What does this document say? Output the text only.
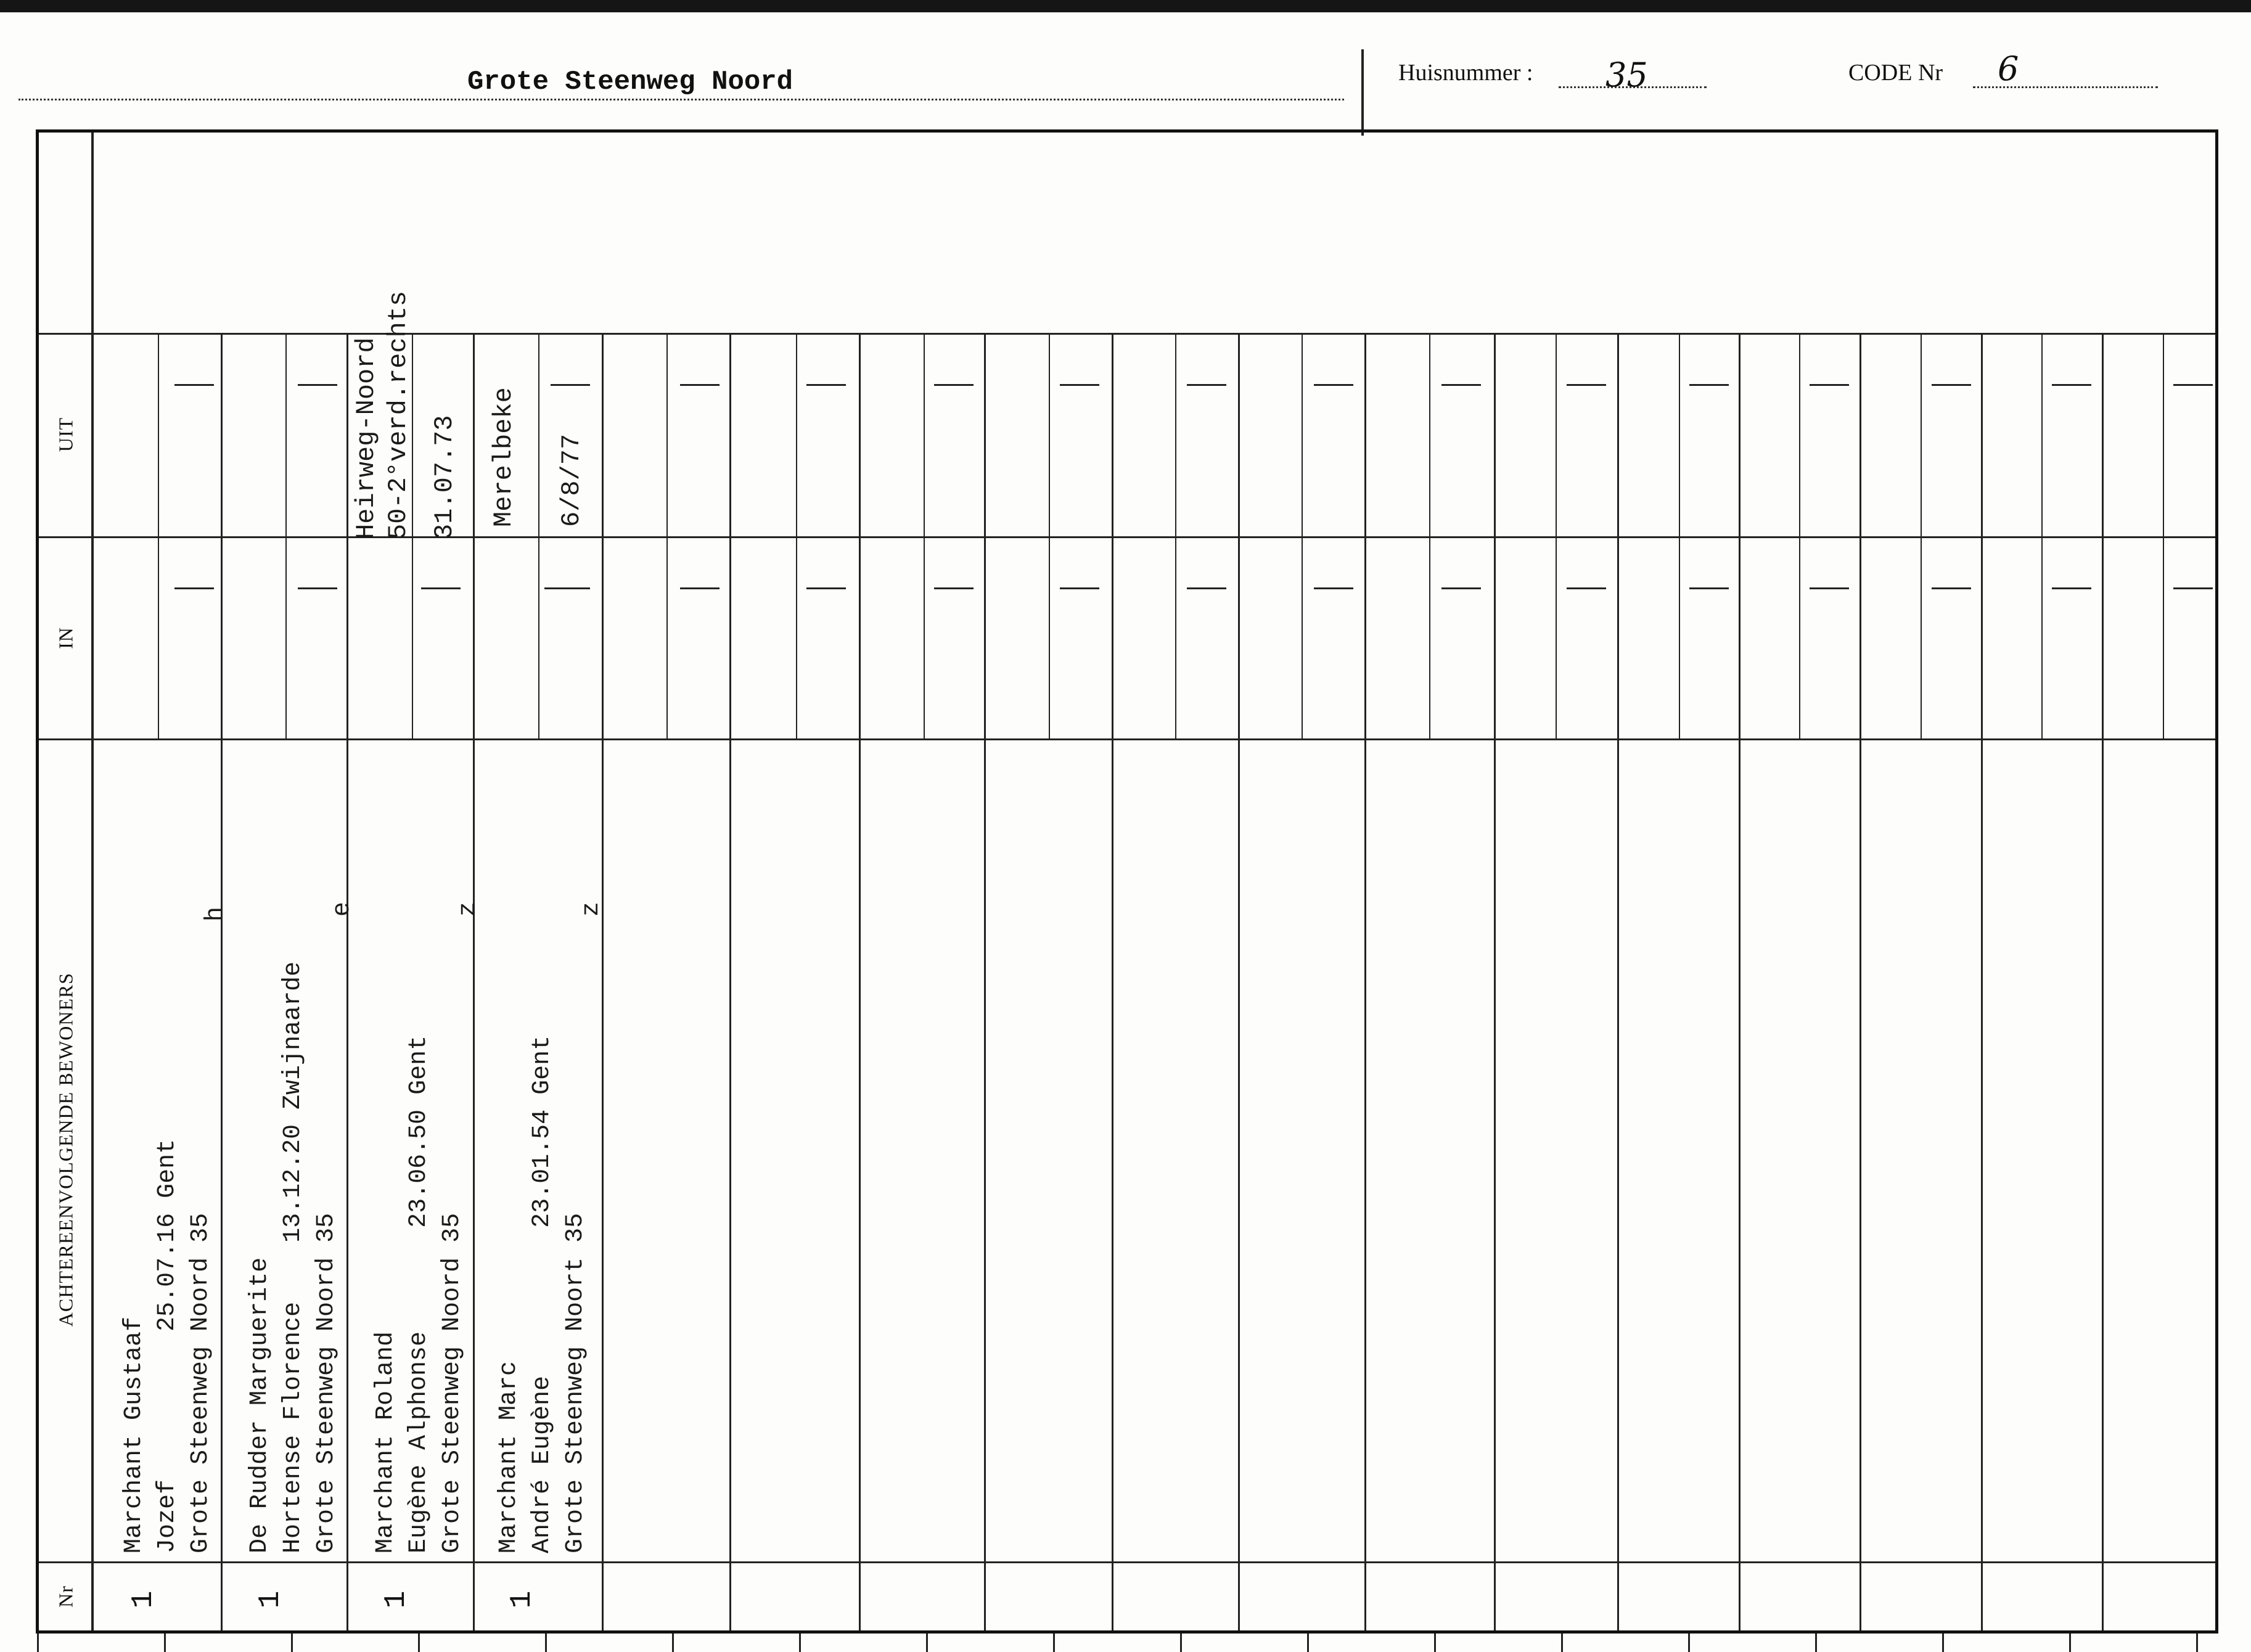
Grote Steenweg Noord	Huisnummer : 35	CODE Nr 6
UIT
IN
ACHTEREENVOLGENDE BEWONERS
Nr
Marchant Gustaaf Jozef          25.07.16 Gent Grote Steenweg Noord 35
h
1
De Rudder Marguerite Hortense Florence    13.12.20 Zwijnaarde Grote Steenweg Noord 35
e
1
Marchant Roland Eugène Alphonse       23.06.50 Gent Grote Steenweg Noord 35
z
1
Heirweg-Noord
50-2°verd.rechts 31.07.73
Marchant Marc André Eugène          23.01.54 Gent Grote Steenweg Noort 35
z
1
Merelbeke 6/8/77
